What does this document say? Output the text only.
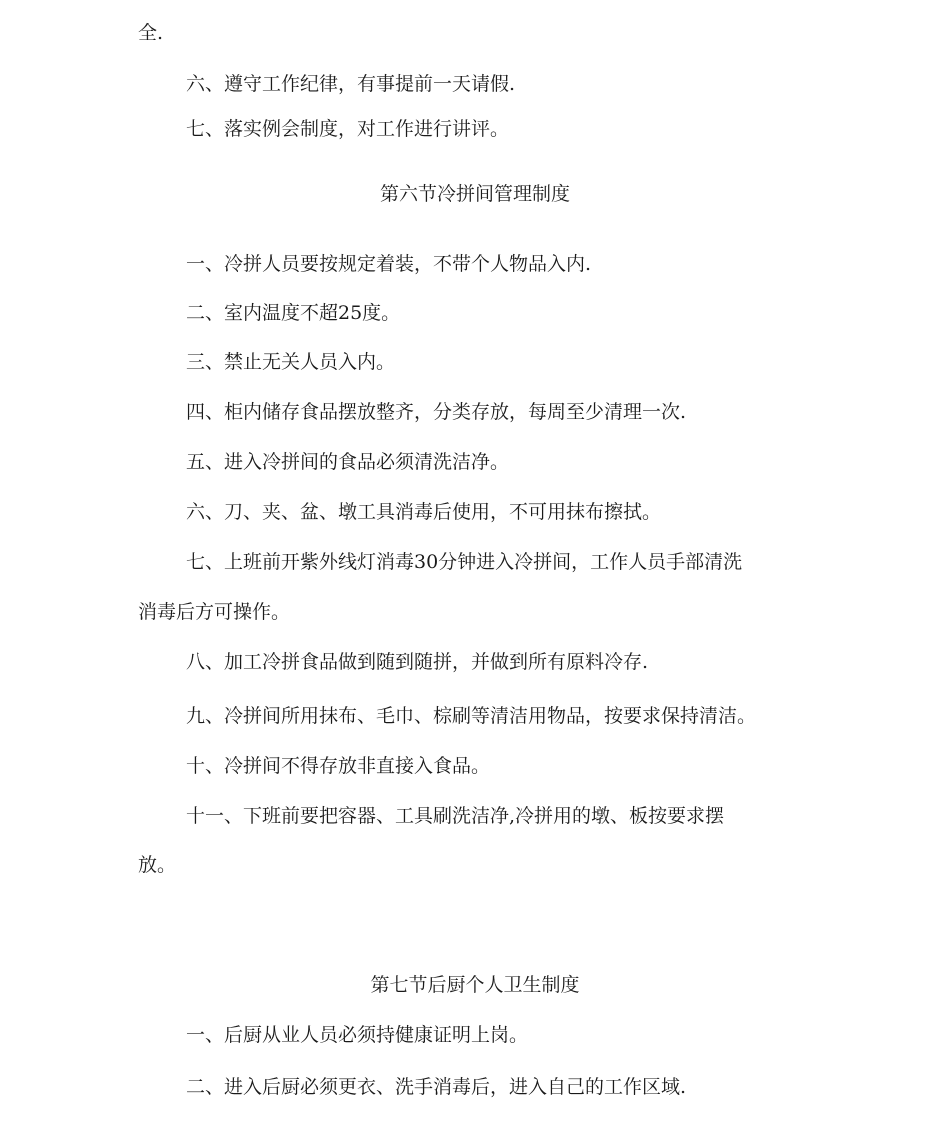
全.
六、遵守工作纪律，有事提前一天请假.
七、落实例会制度，对工作进行讲评。
第六节冷拼间管理制度
一、冷拼人员要按规定着装，不带个人物品入内.
二、室内温度不超25度。
三、禁止无关人员入内。
四、柜内储存食品摆放整齐，分类存放，每周至少清理一次.
五、进入冷拼间的食品必须清洗洁净。
六、刀、夹、盆、墩工具消毒后使用，不可用抹布擦拭。
七、上班前开紫外线灯消毒30分钟进入冷拼间，工作人员手部清洗
消毒后方可操作。
八、加工冷拼食品做到随到随拼，并做到所有原料冷存.
九、冷拼间所用抹布、毛巾、棕刷等清洁用物品，按要求保持清洁。
十、冷拼间不得存放非直接入食品。
十一、下班前要把容器、工具刷洗洁净,冷拼用的墩、板按要求摆
放。
第七节后厨个人卫生制度
一、后厨从业人员必须持健康证明上岗。
二、进入后厨必须更衣、洗手消毒后，进入自己的工作区域.
